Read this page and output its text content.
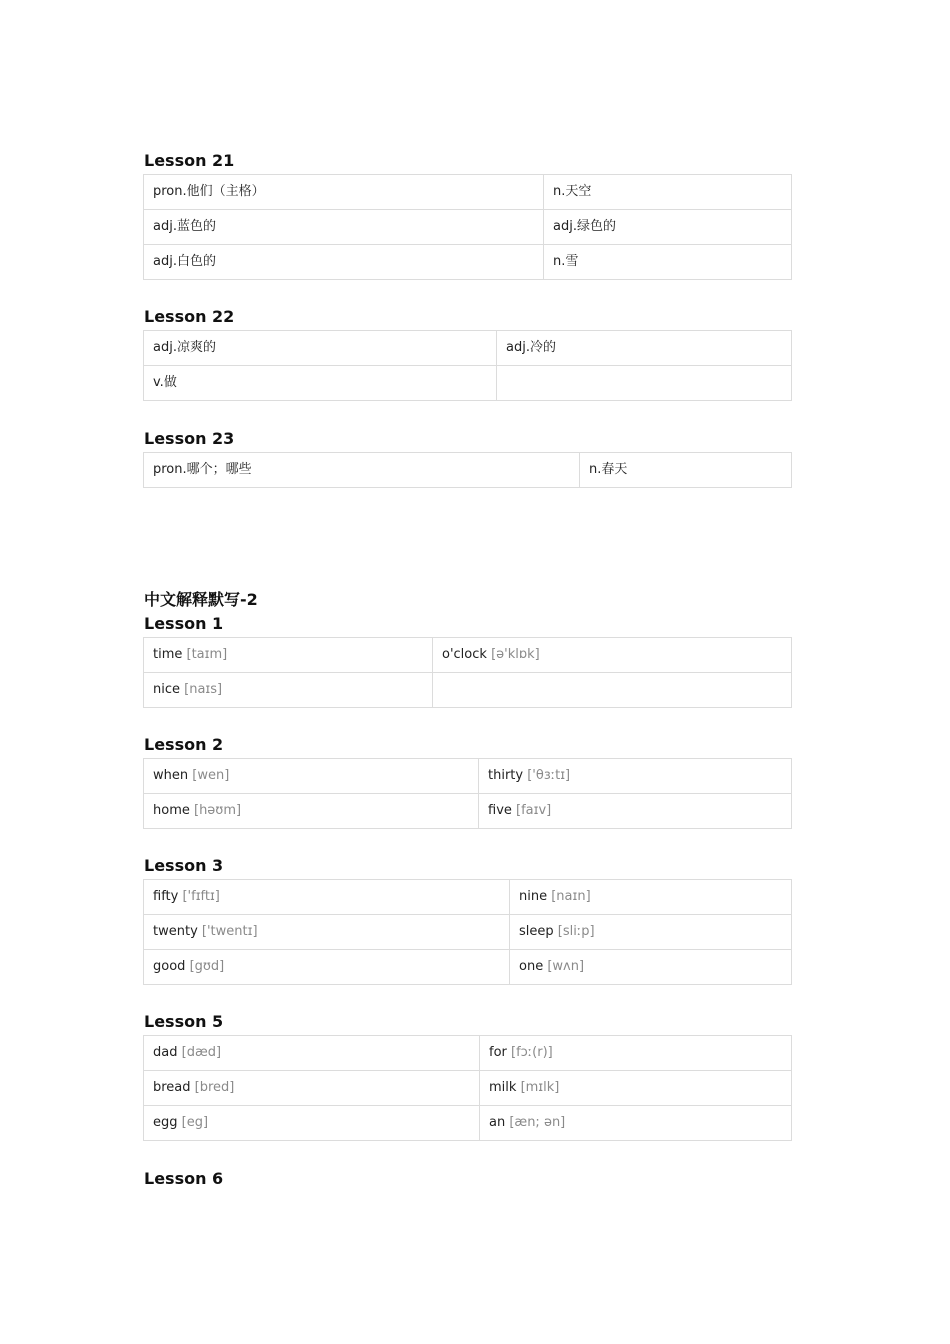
Lesson 21
pron.他们（主格）	n.天空
adj.蓝色的	adj.绿色的
adj.白色的	n.雪
Lesson 22
adj.凉爽的	adj.冷的
v.做	
Lesson 23
pron.哪个；哪些	n.春天
中文解释默写-2
Lesson 1
time [taɪm]	o'clock [ə'klɒk]
nice [naɪs]	
Lesson 2
when [wen]	thirty ['θɜːtɪ]
home [həʊm]	five [faɪv]
Lesson 3
fifty ['fɪftɪ]	nine [naɪn]
twenty ['twentɪ]	sleep [sliːp]
good [gʊd]	one [wʌn]
Lesson 5
dad [dæd]	for [fɔː(r)]
bread [bred]	milk [mɪlk]
egg [eg]	an [æn; ən]
Lesson 6
